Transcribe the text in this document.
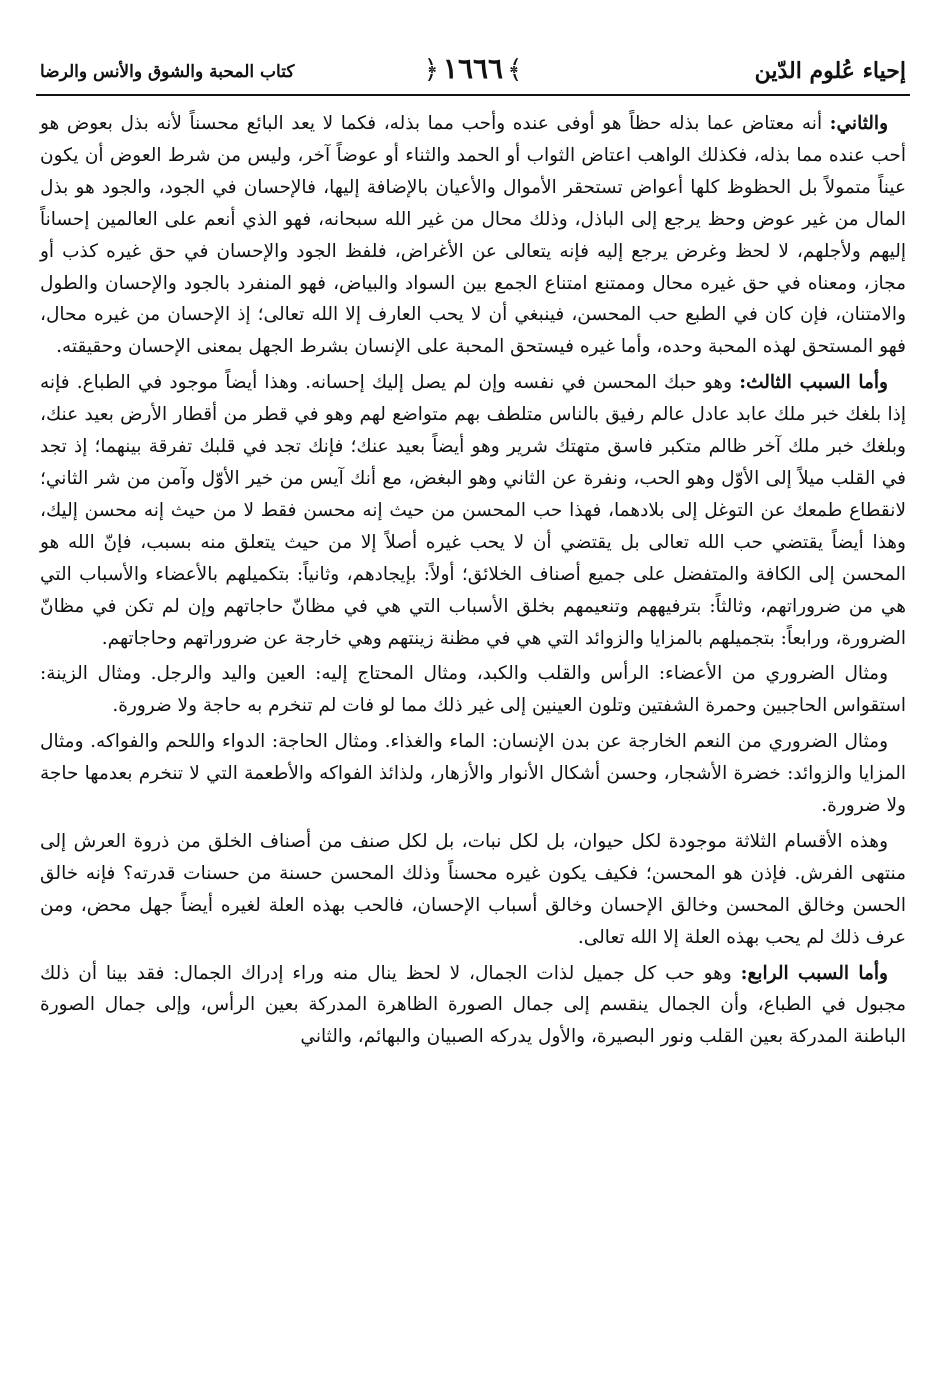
إحياء عُلوم الدّين
﴾١٦٦٦﴿
كتاب المحبة والشوق والأنس والرضا

والثاني: أنه معتاض عما بذله حظاً هو أوفى عنده وأحب مما بذله، فكما لا يعد البائع محسناً لأنه بذل بعوض هو أحب عنده مما بذله، فكذلك الواهب اعتاض الثواب أو الحمد والثناء أو عوضاً آخر، وليس من شرط العوض أن يكون عيناً متمولاً بل الحظوظ كلها أعواض تستحقر الأموال والأعيان بالإضافة إليها، فالإحسان في الجود، والجود هو بذل المال من غير عوض وحظ يرجع إلى الباذل، وذلك محال من غير الله سبحانه، فهو الذي أنعم على العالمين إحساناً إليهم ولأجلهم، لا لحظ وغرض يرجع إليه فإنه يتعالى عن الأغراض، فلفظ الجود والإحسان في حق غيره كذب أو مجاز، ومعناه في حق غيره محال وممتنع امتناع الجمع بين السواد والبياض، فهو المنفرد بالجود والإحسان والطول والامتنان، فإن كان في الطبع حب المحسن، فينبغي أن لا يحب العارف إلا الله تعالى؛ إذ الإحسان من غيره محال، فهو المستحق لهذه المحبة وحده، وأما غيره فيستحق المحبة على الإنسان بشرط الجهل بمعنى الإحسان وحقيقته.

وأما السبب الثالث: وهو حبك المحسن في نفسه وإن لم يصل إليك إحسانه. وهذا أيضاً موجود في الطباع. فإنه إذا بلغك خبر ملك عابد عادل عالم رفيق بالناس متلطف بهم متواضع لهم وهو في قطر من أقطار الأرض بعيد عنك، وبلغك خبر ملك آخر ظالم متكبر فاسق متهتك شرير وهو أيضاً بعيد عنك؛ فإنك تجد في قلبك تفرقة بينهما؛ إذ تجد في القلب ميلاً إلى الأوّل وهو الحب، ونفرة عن الثاني وهو البغض، مع أنك آيس من خير الأوّل وآمن من شر الثاني؛ لانقطاع طمعك عن التوغل إلى بلادهما، فهذا حب المحسن من حيث إنه محسن فقط لا من حيث إنه محسن إليك، وهذا أيضاً يقتضي حب الله تعالى بل يقتضي أن لا يحب غيره أصلاً إلا من حيث يتعلق منه بسبب، فإنّ الله هو المحسن إلى الكافة والمتفضل على جميع أصناف الخلائق؛ أولاً: بإيجادهم، وثانياً: بتكميلهم بالأعضاء والأسباب التي هي من ضروراتهم، وثالثاً: بترفيههم وتنعيمهم بخلق الأسباب التي هي في مظانّ حاجاتهم وإن لم تكن في مظانّ الضرورة، ورابعاً: بتجميلهم بالمزايا والزوائد التي هي في مظنة زينتهم وهي خارجة عن ضروراتهم وحاجاتهم.

ومثال الضروري من الأعضاء: الرأس والقلب والكبد، ومثال المحتاج إليه: العين واليد والرجل. ومثال الزينة: استقواس الحاجبين وحمرة الشفتين وتلون العينين إلى غير ذلك مما لو فات لم تنخرم به حاجة ولا ضرورة.

ومثال الضروري من النعم الخارجة عن بدن الإنسان: الماء والغذاء. ومثال الحاجة: الدواء واللحم والفواكه. ومثال المزايا والزوائد: خضرة الأشجار، وحسن أشكال الأنوار والأزهار، ولذائذ الفواكه والأطعمة التي لا تنخرم بعدمها حاجة ولا ضرورة.

وهذه الأقسام الثلاثة موجودة لكل حيوان، بل لكل نبات، بل لكل صنف من أصناف الخلق من ذروة العرش إلى منتهى الفرش. فإذن هو المحسن؛ فكيف يكون غيره محسناً وذلك المحسن حسنة من حسنات قدرته؟ فإنه خالق الحسن وخالق المحسن وخالق الإحسان وخالق أسباب الإحسان، فالحب بهذه العلة لغيره أيضاً جهل محض، ومن عرف ذلك لم يحب بهذه العلة إلا الله تعالى.

وأما السبب الرابع: وهو حب كل جميل لذات الجمال، لا لحظ ينال منه وراء إدراك الجمال: فقد بينا أن ذلك مجبول في الطباع، وأن الجمال ينقسم إلى جمال الصورة الظاهرة المدركة بعين الرأس، وإلى جمال الصورة الباطنة المدركة بعين القلب ونور البصيرة، والأول يدركه الصبيان والبهائم، والثاني
